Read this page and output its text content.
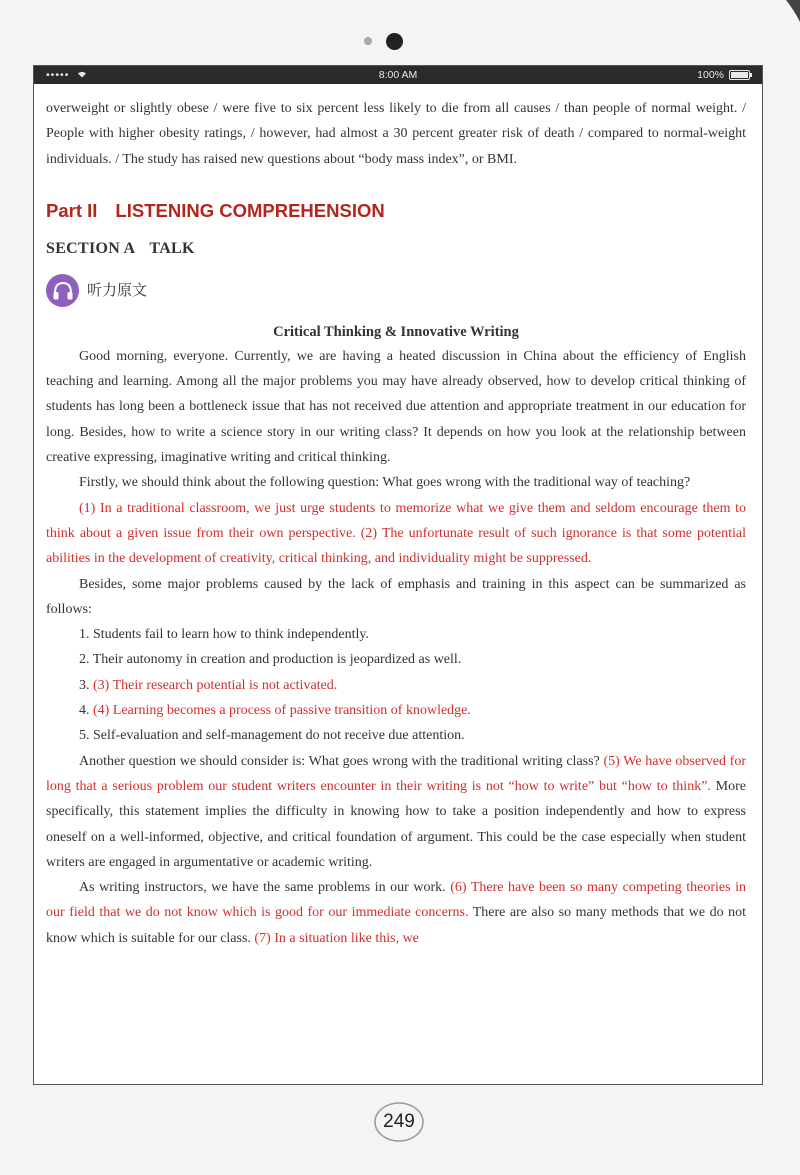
•••••	8:00 AM	100%

overweight or slightly obese / were five to six percent less likely to die from all causes / than people of normal weight. / People with higher obesity ratings, / however, had almost a 30 percent greater risk of death / compared to normal-weight individuals. / The study has raised new questions about “body mass index”, or BMI.

Part II LISTENING COMPREHENSION
SECTION A TALK
听力原文
Critical Thinking & Innovative Writing

Good morning, everyone. Currently, we are having a heated discussion in China about the efficiency of English teaching and learning. Among all the major problems you may have already observed, how to develop critical thinking of students has long been a bottleneck issue that has not received due attention and appropriate treatment in our education for long. Besides, how to write a science story in our writing class? It depends on how you look at the relationship between creative expressing, imaginative writing and critical thinking.

Firstly, we should think about the following question: What goes wrong with the traditional way of teaching?

(1) In a traditional classroom, we just urge students to memorize what we give them and seldom encourage them to think about a given issue from their own perspective. (2) The unfortunate result of such ignorance is that some potential abilities in the development of creativity, critical thinking, and individuality might be suppressed.

Besides, some major problems caused by the lack of emphasis and training in this aspect can be summarized as follows:

1. Students fail to learn how to think independently.
2. Their autonomy in creation and production is jeopardized as well.
3. (3) Their research potential is not activated.
4. (4) Learning becomes a process of passive transition of knowledge.
5. Self-evaluation and self-management do not receive due attention.

Another question we should consider is: What goes wrong with the traditional writing class? (5) We have observed for long that a serious problem our student writers encounter in their writing is not “how to write” but “how to think”. More specifically, this statement implies the difficulty in knowing how to take a position independently and how to express oneself on a well-informed, objective, and critical foundation of argument. This could be the case especially when student writers are engaged in argumentative or academic writing.

As writing instructors, we have the same problems in our work. (6) There have been so many competing theories in our field that we do not know which is good for our immediate concerns. There are also so many methods that we do not know which is suitable for our class. (7) In a situation like this, we

249
